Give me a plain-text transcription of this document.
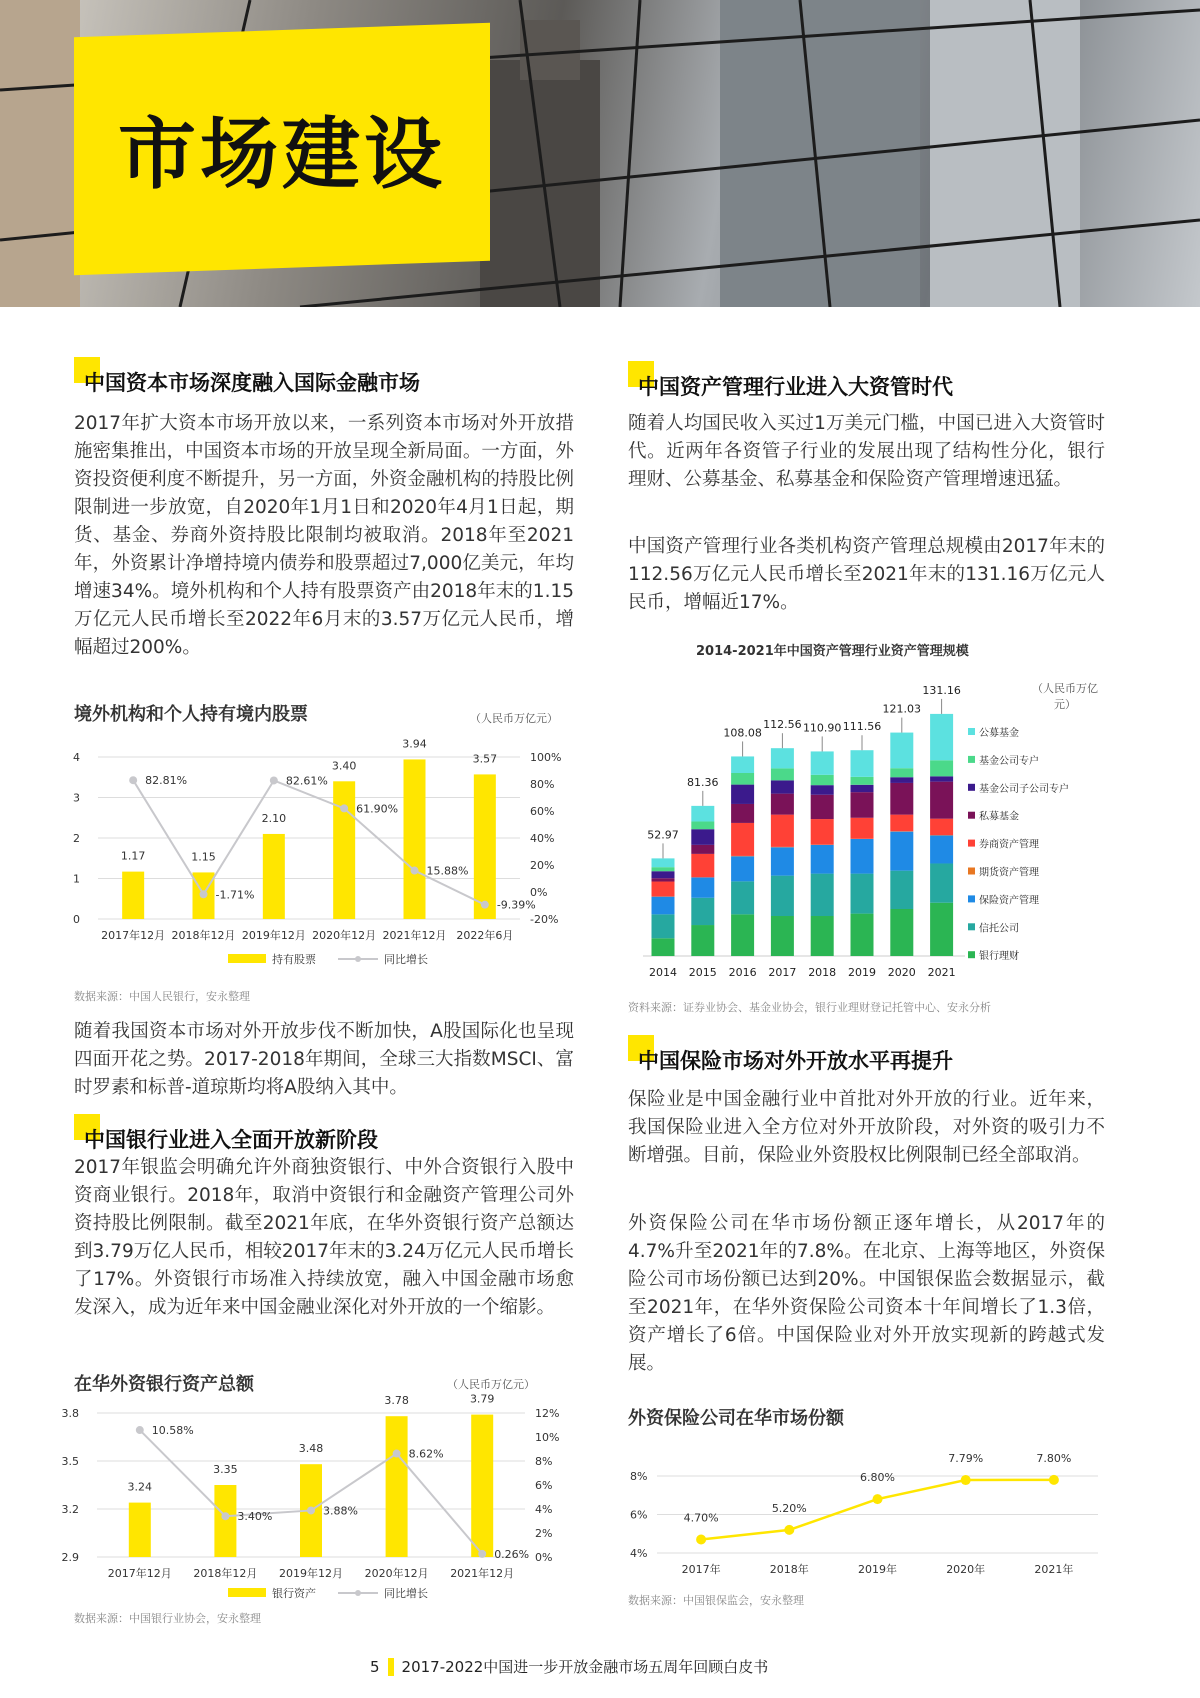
市场建设
中国资本市场深度融入国际金融市场
2017年扩大资本市场开放以来，一系列资本市场对外开放措施密集推出，中国资本市场的开放呈现全新局面。一方面，外资投资便利度不断提升，另一方面，外资金融机构的持股比例限制进一步放宽，自2020年1月1日和2020年4月1日起，期货、基金、券商外资持股比限制均被取消。2018年至2021年，外资累计净增持境内债券和股票超过7,000亿美元，年均增速34%。境外机构和个人持有股票资产由2018年末的1.15万亿元人民币增长至2022年6月末的3.57万亿元人民币，增幅超过200%。
境外机构和个人持有境内股票	（人民币万亿元）
0
1
2
3
4
-20%
0%
20%
40%
60%
80%
100%
1.17
2017年12月
1.15
2018年12月
2.10
2019年12月
3.40
2020年12月
3.94
2021年12月
3.57
2022年6月
82.81%
-1.71%
82.61%
61.90%
15.88%
-9.39%
持有股票	同比增长
2.9
3.2
3.5
3.8
0%
2%
4%
6%
8%
10%
12%
3.24
2017年12月
3.35
2018年12月
3.48
2019年12月
3.78
2020年12月
3.79
2021年12月
10.58%
3.40%	3.88%
8.62%
0.26%
银行资产	同比增长
52.97
2014
81.36
2015
108.08
2016
112.56
2017
110.90
2018
111.56
2019
121.03
2020
131.16
2021
公募基金
基金公司专户
基金公司子公司专户
私募基金
券商资产管理
期货资产管理
保险资产管理
信托公司
银行理财
4%
6%
8%
2017年	2018年	2019年	2020年	2021年
4.70%
5.20%
6.80%
7.79%	7.80%
数据来源：中国人民银行，安永整理
随着我国资本市场对外开放步伐不断加快，A股国际化也呈现四面开花之势。2017-2018年期间，全球三大指数MSCI、富时罗素和标普-道琼斯均将A股纳入其中。
中国银行业进入全面开放新阶段
2017年银监会明确允许外商独资银行、中外合资银行入股中资商业银行。2018年，取消中资银行和金融资产管理公司外资持股比例限制。截至2021年底，在华外资银行资产总额达到3.79万亿人民币，相较2017年末的3.24万亿元人民币增长了17%。外资银行市场准入持续放宽，融入中国金融市场愈发深入，成为近年来中国金融业深化对外开放的一个缩影。
在华外资银行资产总额	（人民币万亿元）
数据来源：中国银行业协会，安永整理
中国资产管理行业进入大资管时代
随着人均国民收入买过1万美元门槛，中国已进入大资管时代。近两年各资管子行业的发展出现了结构性分化，银行理财、公募基金、私募基金和保险资产管理增速迅猛。
中国资产管理行业各类机构资产管理总规模由2017年末的112.56万亿元人民币增长至2021年末的131.16万亿元人民币，增幅近17%。
2014-2021年中国资产管理行业资产管理规模
（人民币万亿元）
资料来源：证券业协会、基金业协会，银行业理财登记托管中心、安永分析
中国保险市场对外开放水平再提升
保险业是中国金融行业中首批对外开放的行业。近年来，我国保险业进入全方位对外开放阶段，对外资的吸引力不断增强。目前，保险业外资股权比例限制已经全部取消。
外资保险公司在华市场份额正逐年增长，从2017年的4.7%升至2021年的7.8%。在北京、上海等地区，外资保险公司市场份额已达到20%。中国银保监会数据显示，截至2021年，在华外资保险公司资本十年间增长了1.3倍，资产增长了6倍。中国保险业对外开放实现新的跨越式发展。
外资保险公司在华市场份额
数据来源：中国银保监会，安永整理
5 2017-2022中国进一步开放金融市场五周年回顾白皮书
